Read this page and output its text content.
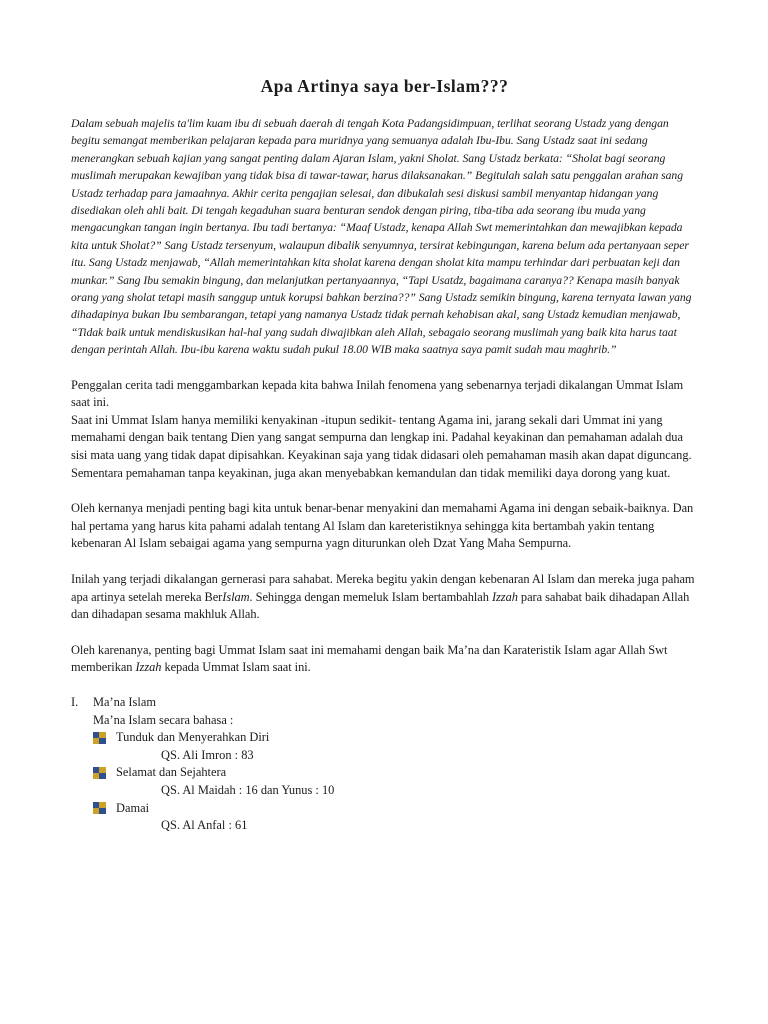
Apa Artinya saya ber-Islam???

Dalam sebuah majelis ta'lim kuam ibu di sebuah daerah di tengah Kota Padangsidimpuan, terlihat seorang Ustadz yang dengan begitu semangat memberikan pelajaran kepada para muridnya yang semuanya adalah Ibu-Ibu. Sang Ustadz saat ini sedang menerangkan sebuah kajian yang sangat penting dalam Ajaran Islam, yakni Sholat. Sang Ustadz berkata: “Sholat bagi seorang muslimah merupakan kewajiban yang tidak bisa di tawar-tawar, harus dilaksanakan.” Begitulah salah satu penggalan arahan sang Ustadz terhadap para jamaahnya. Akhir cerita pengajian selesai, dan dibukalah sesi diskusi sambil menyantap hidangan yang disediakan oleh ahli bait. Di tengah kegaduhan suara benturan sendok dengan piring, tiba-tiba ada seorang ibu muda yang mengacungkan tangan ingin bertanya. Ibu tadi bertanya: “Maaf Ustadz, kenapa Allah Swt memerintahkan dan mewajibkan kepada kita untuk Sholat?” Sang Ustadz tersenyum, walaupun dibalik senyumnya, tersirat kebingungan, karena belum ada pertanyaan seper itu. Sang Ustadz menjawab, “Allah memerintahkan kita sholat karena dengan sholat kita mampu terhindar dari perbuatan keji dan munkar.” Sang Ibu semakin bingung, dan melanjutkan pertanyaannya, “Tapi Usatdz, bagaimana caranya?? Kenapa masih banyak orang yang sholat tetapi masih sanggup untuk korupsi bahkan berzina??” Sang Ustadz semikin bingung, karena ternyata lawan yang dihadapinya bukan Ibu sembarangan, tetapi yang namanya Ustadz tidak pernah kehabisan akal, sang Ustadz kemudian menjawab, “Tidak baik untuk mendiskusikan hal-hal yang sudah diwajibkan aleh Allah, sebagaio seorang muslimah yang baik kita harus taat dengan perintah Allah. Ibu-ibu karena waktu sudah pukul 18.00 WIB maka saatnya saya pamit sudah mau maghrib.”

Penggalan cerita tadi menggambarkan kepada kita bahwa Inilah fenomena yang sebenarnya terjadi dikalangan Ummat Islam saat ini.

Saat ini Ummat Islam hanya memiliki kenyakinan -itupun sedikit- tentang Agama ini, jarang sekali dari Ummat ini yang memahami dengan baik tentang Dien yang sangat sempurna dan lengkap ini. Padahal keyakinan dan pemahaman adalah dua sisi mata uang yang tidak dapat dipisahkan. Keyakinan saja yang tidak didasari oleh pemahaman masih akan dapat diguncang. Sementara pemahaman tanpa keyakinan, juga akan menyebabkan kemandulan dan tidak memiliki daya dorong yang kuat.

Oleh kernanya menjadi penting bagi kita untuk benar-benar menyakini dan memahami Agama ini dengan sebaik-baiknya. Dan hal pertama yang harus kita pahami adalah tentang Al Islam dan kareteristiknya sehingga kita bertambah yakin tentang kebenaran Al Islam sebaigai agama yang sempurna yagn diturunkan oleh Dzat Yang Maha Sempurna.

Inilah yang terjadi dikalangan gernerasi para sahabat. Mereka begitu yakin dengan kebenaran Al Islam dan mereka juga paham apa artinya setelah mereka BerIslam. Sehingga dengan memeluk Islam bertambahlah Izzah para sahabat baik dihadapan Allah dan dihadapan sesama makhluk Allah.

Oleh karenanya, penting bagi Ummat Islam saat ini memahami dengan baik Ma’na dan Karateristik Islam agar Allah Swt memberikan Izzah kepada Ummat Islam saat ini.

I.	Ma’na Islam
Ma’na Islam secara bahasa :
Tunduk dan Menyerahkan Diri
QS. Ali Imron : 83
Selamat dan Sejahtera
QS. Al Maidah : 16 dan Yunus : 10
Damai
QS. Al Anfal : 61
